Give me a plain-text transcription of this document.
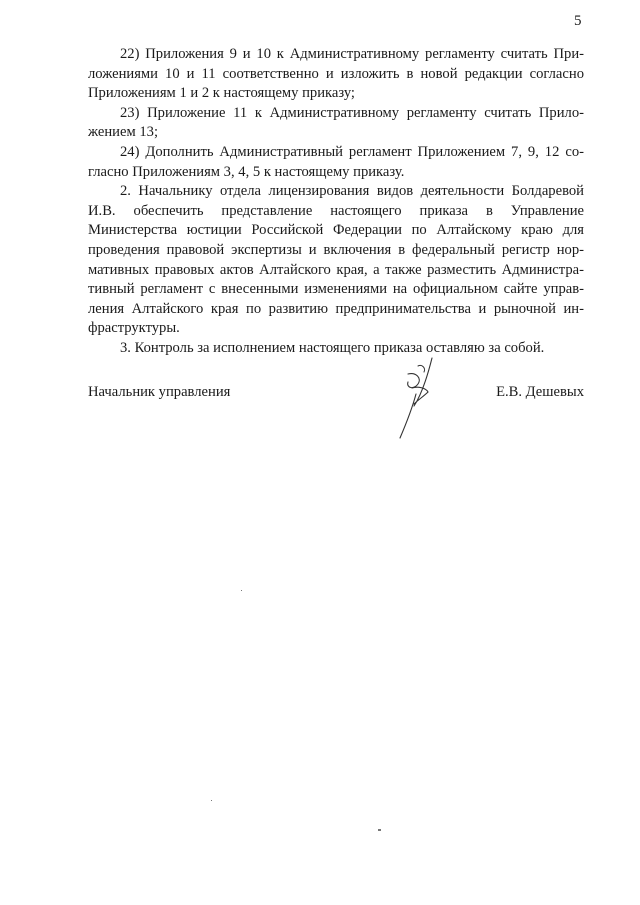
5

22) Приложения 9 и 10 к Административному регламенту считать Приложениями 10 и 11 соответственно и изложить в новой редакции согласно Приложениям 1 и 2 к настоящему приказу;

23) Приложение 11 к Административному регламенту считать Приложением 13;

24) Дополнить Административный регламент Приложением 7, 9, 12 согласно Приложениям 3, 4, 5 к настоящему приказу.

2. Начальнику отдела лицензирования видов деятельности Болдаревой И.В. обеспечить представление настоящего приказа в Управление Министерства юстиции Российской Федерации по Алтайскому краю для проведения правовой экспертизы и включения в федеральный регистр нормативных правовых актов Алтайского края, а также разместить Административный регламент с внесенными изменениями на официальном сайте управления Алтайского края по развитию предпринимательства и рыночной инфраструктуры.

3. Контроль за исполнением настоящего приказа оставляю за собой.

Начальник управления	Е.В. Дешевых
